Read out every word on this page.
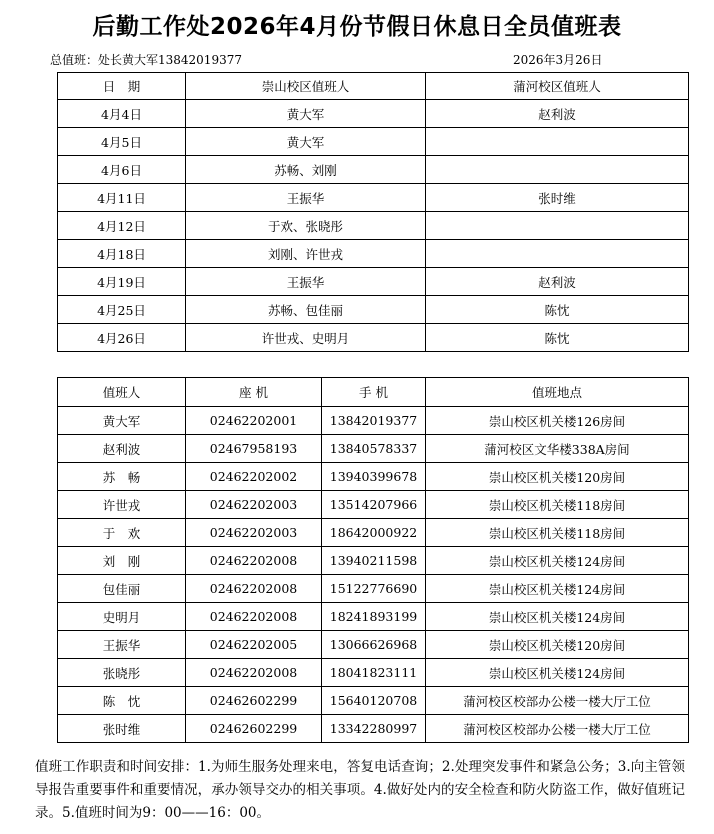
后勤工作处2026年4月份节假日休息日全员值班表
总值班：处长黄大军13842019377	2026年3月26日
日　期	崇山校区值班人	蒲河校区值班人
4月4日	黄大军	赵利波
4月5日	黄大军	
4月6日	苏畅、刘刚	
4月11日	王振华	张时维
4月12日	于欢、张晓彤	
4月18日	刘刚、许世戎	
4月19日	王振华	赵利波
4月25日	苏畅、包佳丽	陈忱
4月26日	许世戎、史明月	陈忱
值班人	座 机	手 机	值班地点
黄大军	02462202001	13842019377	崇山校区机关楼126房间
赵利波	02467958193	13840578337	蒲河校区文华楼338A房间
苏　畅	02462202002	13940399678	崇山校区机关楼120房间
许世戎	02462202003	13514207966	崇山校区机关楼118房间
于　欢	02462202003	18642000922	崇山校区机关楼118房间
刘　刚	02462202008	13940211598	崇山校区机关楼124房间
包佳丽	02462202008	15122776690	崇山校区机关楼124房间
史明月	02462202008	18241893199	崇山校区机关楼124房间
王振华	02462202005	13066626968	崇山校区机关楼120房间
张晓彤	02462202008	18041823111	崇山校区机关楼124房间
陈　忱	02462602299	15640120708	蒲河校区校部办公楼一楼大厅工位
张时维	02462602299	13342280997	蒲河校区校部办公楼一楼大厅工位
值班工作职责和时间安排：1.为师生服务处理来电，答复电话查询；2.处理突发事件和紧急公务；3.向主管领导报告重要事件和重要情况，承办领导交办的相关事项。4.做好处内的安全检查和防火防盗工作，做好值班记录。5.值班时间为9：00——16：00。
